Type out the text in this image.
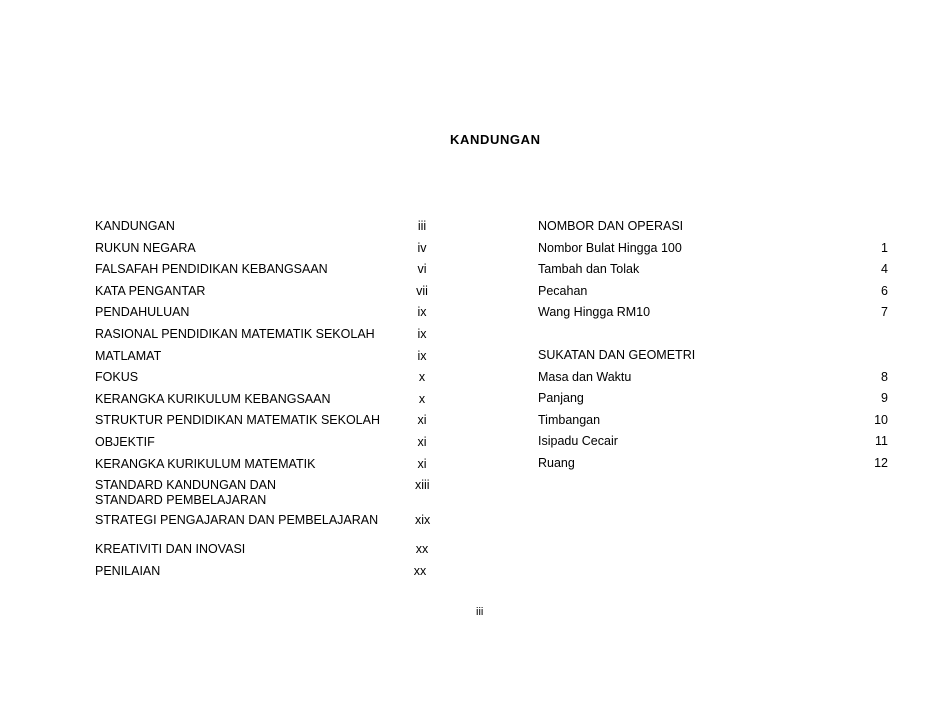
KANDUNGAN
KANDUNGAN	iii
RUKUN NEGARA	iv
FALSAFAH PENDIDIKAN KEBANGSAAN	vi
KATA PENGANTAR	vii
PENDAHULUAN	ix
RASIONAL PENDIDIKAN MATEMATIK SEKOLAH	ix
MATLAMAT	ix
FOKUS	x
KERANGKA KURIKULUM KEBANGSAAN	x
STRUKTUR PENDIDIKAN MATEMATIK SEKOLAH	xi
OBJEKTIF	xi
KERANGKA KURIKULUM MATEMATIK	xi
STANDARD KANDUNGAN DAN
STANDARD PEMBELAJARAN
xiii
STRATEGI PENGAJARAN DAN PEMBELAJARAN	xix
KREATIVITI DAN INOVASI	xx
PENILAIAN	xx
NOMBOR DAN OPERASI
Nombor Bulat Hingga 100	1
Tambah dan Tolak	4
Pecahan	6
Wang Hingga RM10	7
SUKATAN DAN GEOMETRI
Masa dan Waktu	8
Panjang	9
Timbangan	10
Isipadu Cecair	11
Ruang	12
iii
